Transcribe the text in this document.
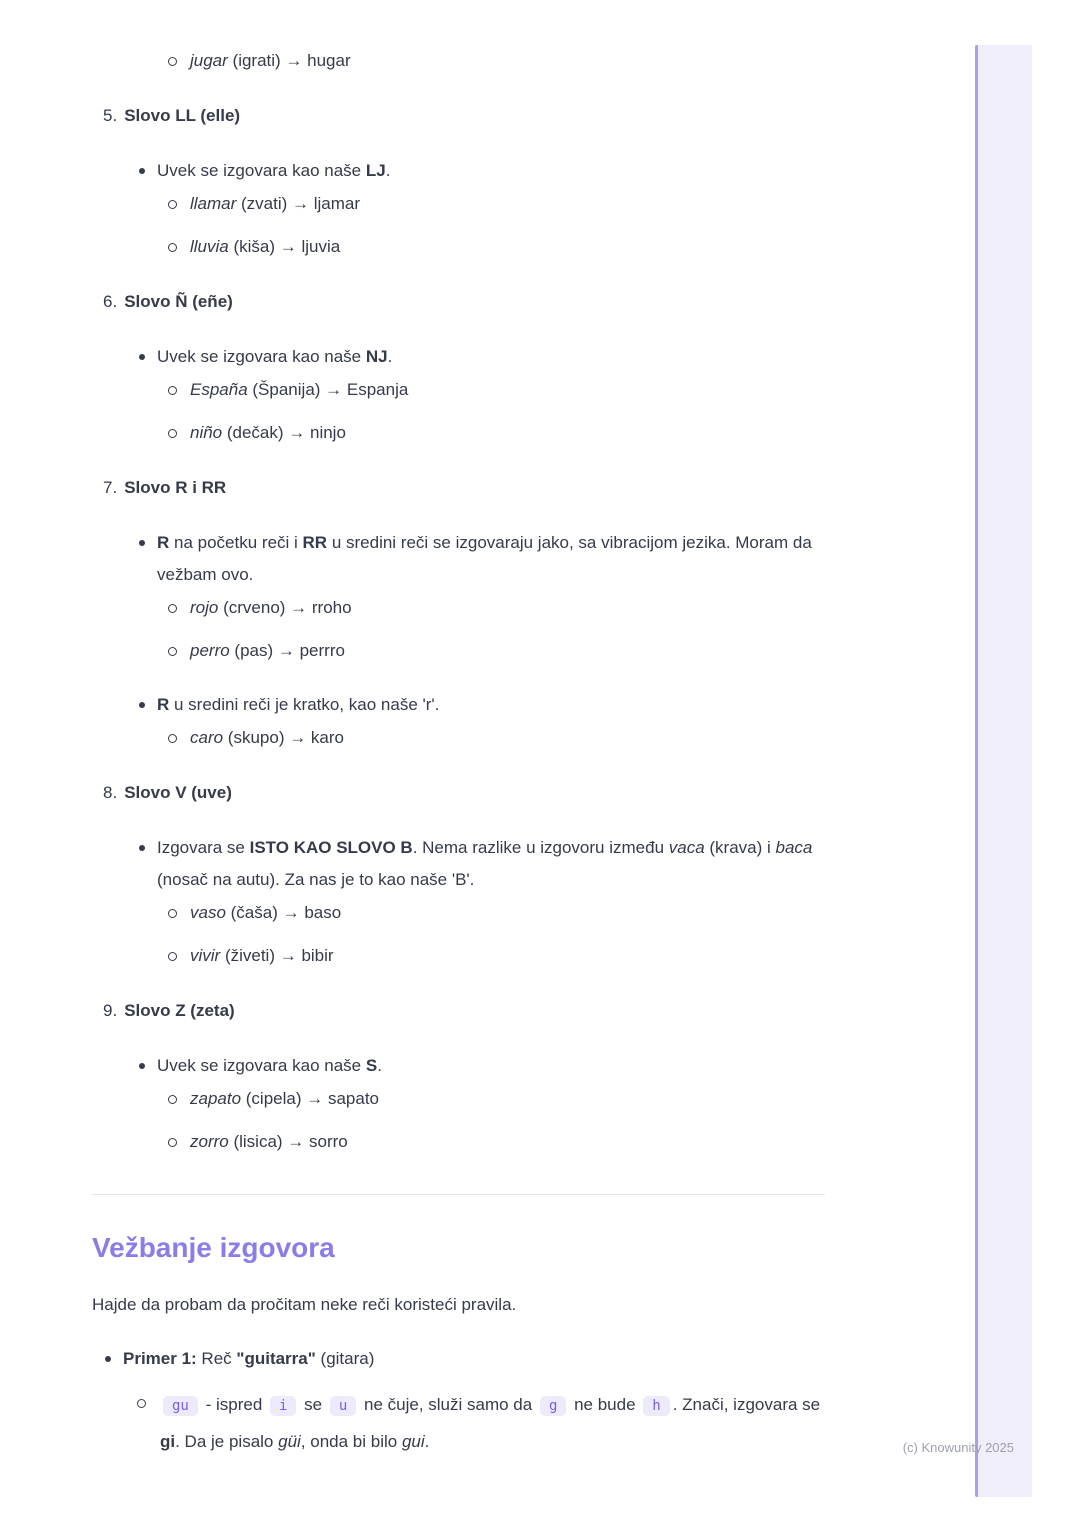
(c) Knowunity 2025
jugar (igrati) → hugar
5. Slovo LL (elle)
Uvek se izgovara kao naše LJ.
llamar (zvati) → ljamar
lluvia (kiša) → ljuvia
6. Slovo Ñ (eñe)
Uvek se izgovara kao naše NJ.
España (Španija) → Espanja
niño (dečak) → ninjo
7. Slovo R i RR
R na početku reči i RR u sredini reči se izgovaraju jako, sa vibracijom jezika. Moram da vežbam ovo.
rojo (crveno) → rroho
perro (pas) → perrro
R u sredini reči je kratko, kao naše 'r'.
caro (skupo) → karo
8. Slovo V (uve)
Izgovara se ISTO KAO SLOVO B. Nema razlike u izgovoru između vaca (krava) i baca (nosač na autu). Za nas je to kao naše 'B'.
vaso (čaša) → baso
vivir (živeti) → bibir
9. Slovo Z (zeta)
Uvek se izgovara kao naše S.
zapato (cipela) → sapato
zorro (lisica) → sorro
Vežbanje izgovora

Hajde da probam da pročitam neke reči koristeći pravila.

Primer 1: Reč "guitarra" (gitara)
gu - ispred i se u ne čuje, služi samo da g ne bude h . Znači, izgovara se gi. Da je pisalo güi, onda bi bilo gui.
